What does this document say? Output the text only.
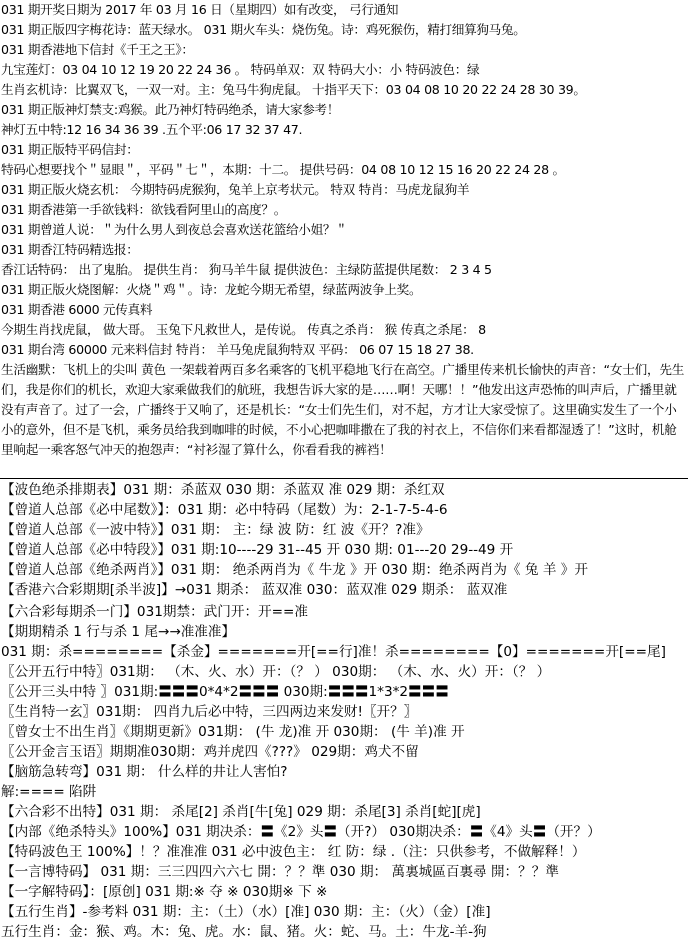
031 期开奖日期为 2017 年 03 月 16 日（星期四）如有改变， 弓行通知
031 期正版四字梅花诗：蓝天绿水。 031 期火车头：烧伤兔。诗：鸡死猴伤，精打细算狗马兔。
031 期香港地下信封《千王之王》：
九宝莲灯：03 04 10 12 19 20 22 24 36 。 特码单双：双 特码大小：小 特码波色：绿
生肖玄机诗：比翼双飞，一双一对。主：兔马牛狗虎鼠。 十指平天下：03 04 08 10 20 22 24 28 30 39。
031 期正版神灯禁支:鸡猴。此乃神灯特码绝杀，请大家参考！
神灯五中特:12 16 34 36 39 .五个平:06 17 32 37 47.
031 期正版特平码信封：
特码心想要找个＂显眼＂，平码＂七＂，本期：十二。 提供号码：04 08 10 12 15 16 20 22 24 28 。
031 期正版火烧玄机： 今期特码虎猴狗，兔羊上京考状元。 特双 特肖：马虎龙鼠狗羊
031 期香港第一手欲钱料：欲钱看阿里山的高度？。
031 期曾道人说：＂为什么男人到夜总会喜欢送花篮给小姐？＂
031 期香江特码精选报：
香江话特码： 出了鬼胎。 提供生肖： 狗马羊牛鼠 提供波色：主绿防蓝提供尾数： 2 3 4 5
031 期正版火烧图解：火烧＂鸡＂。诗：龙蛇今期无希望，绿蓝两波争上奖。
031 期香港 6000 元传真料
今期生肖找虎鼠， 做大哥。 玉兔下凡救世人，是传说。 传真之杀肖： 猴 传真之杀尾： 8
031 期台湾 60000 元来料信封 特肖： 羊马兔虎鼠狗特双 平码： 06 07 15 18 27 38.
生活幽默：飞机上的尖叫 黄色 一架载着两百多名乘客的飞机平稳地飞行在高空。广播里传来机长愉快的声音：“女士们，先生们，我是你们的机长，欢迎大家乘做我们的航班，我想告诉大家的是……啊！天哪！！”他发出这声恐怖的叫声后，广播里就没有声音了。过了一会，广播终于又响了，还是机长：“女士们先生们，对不起，方才让大家受惊了。这里确实发生了一个小小的意外，但不是飞机，乘务员给我到咖啡的时候，不小心把咖啡撒在了我的衬衣上，不信你们来看都湿透了！”这时，机舱里响起一乘客怒气冲天的抱怨声：“衬衫湿了算什么，你看看我的裤裆！
【波色绝杀排期表】031 期：杀蓝双 030 期：杀蓝双 准 029 期：杀红双
【曾道人总部《必中尾数》】：031 期：必中特码（尾数）为：2-1-7-5-4-6
【曾道人总部《一波中特》】031 期： 主：绿 波 防：红 波《开？?准》
【曾道人总部《必中特段》】031 期:10----29 31--45 开 030 期: 01---20 29--49 开
【曾道人总部《绝杀两肖》】031 期： 绝杀两肖为《 牛龙 》开 030 期：绝杀两肖为《 兔 羊 》开
【香港六合彩期期[杀半波]】→031 期杀： 蓝双准 030：蓝双准 029 期杀： 蓝双准
【六合彩每期杀一门】031期禁：武门开：开==准
【期期精杀 1 行与杀 1 尾→→准准准】
031 期：杀========【杀金】=======开[==行]准！杀========【0】=======开[==尾]
〖公开五行中特〗031期： （木、火、水）开：（？ ） 030期： （木、水、火）开：（？ ）
〖公开三头中特 〗031期:〓〓〓0*4*2〓〓〓 030期:〓〓〓1*3*2〓〓〓
〖生肖特一玄〗031期： 四肖九后必中特，三四两边来发财!〖开？〗
〖曾女士不出生肖〗《期期更新》031期： (牛 龙)准 开 030期： (牛 羊)准 开
〖公开金言玉语〗期期准030期：鸡并虎四《???》 029期：鸡犬不留
【脑筋急转弯】031 期： 什么样的井让人害怕?
解:==== 陷阱
【六合彩不出特】031 期： 杀尾[2] 杀肖[牛[兔] 029 期：杀尾[3] 杀肖[蛇][虎]
【内部《绝杀特头》100%】031 期决杀：〓《2》头〓（开?） 030期决杀：〓《4》头〓（开？）
【特码波色王 100%】！？准准准 031 必中波色主： 红 防：绿 .（注：只供参考，不做解释！）
【一言博特码】 031 期：三三四四六六七 開：？？準 030 期： 萬裏城區百裏尋 開：？？準
【一字解特码】：[原创] 031 期:※ 夺 ※ 030期※ 下 ※
【五行生肖】-参考料 031 期：主：（土）（水）[准] 030 期：主：（火）（金）[准]
五行生肖：金：猴、鸡。木：兔、虎。水：鼠、猪。火：蛇、马。土：牛龙-羊-狗
